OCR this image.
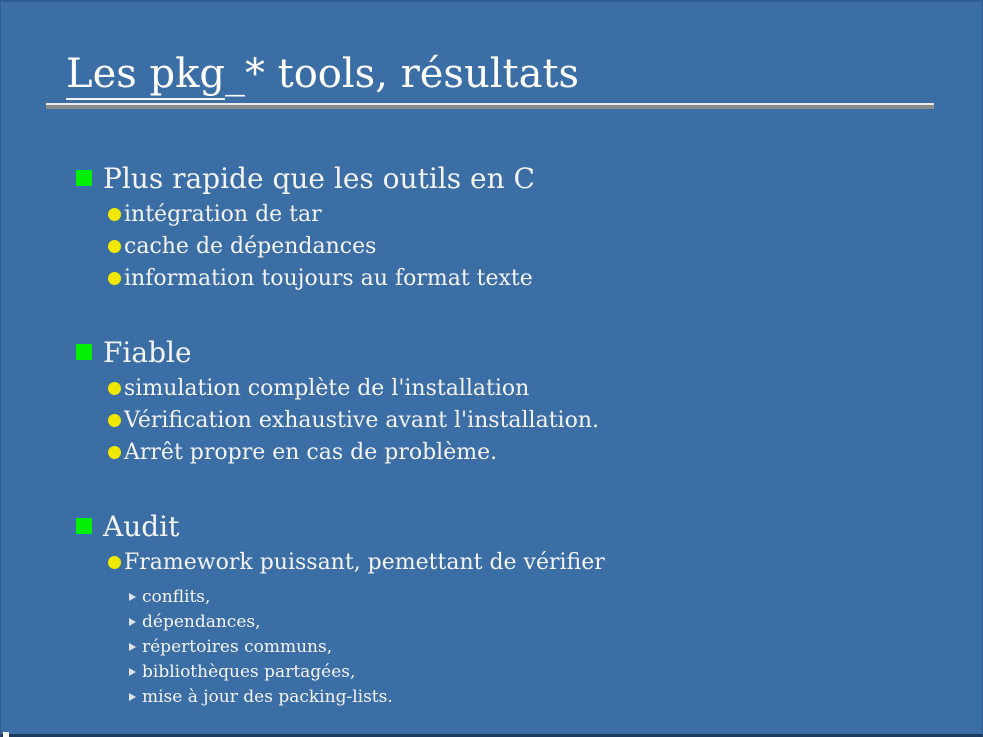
Les pkg_* tools, résultats
Plus rapide que les outils en C
intégration de tar
cache de dépendances
information toujours au format texte
Fiable
simulation complète de l'installation
Vérification exhaustive avant l'installation.
Arrêt propre en cas de problème.
Audit
Framework puissant, pemettant de vérifier
conflits,
dépendances,
répertoires communs,
bibliothèques partagées,
mise à jour des packing-lists.
